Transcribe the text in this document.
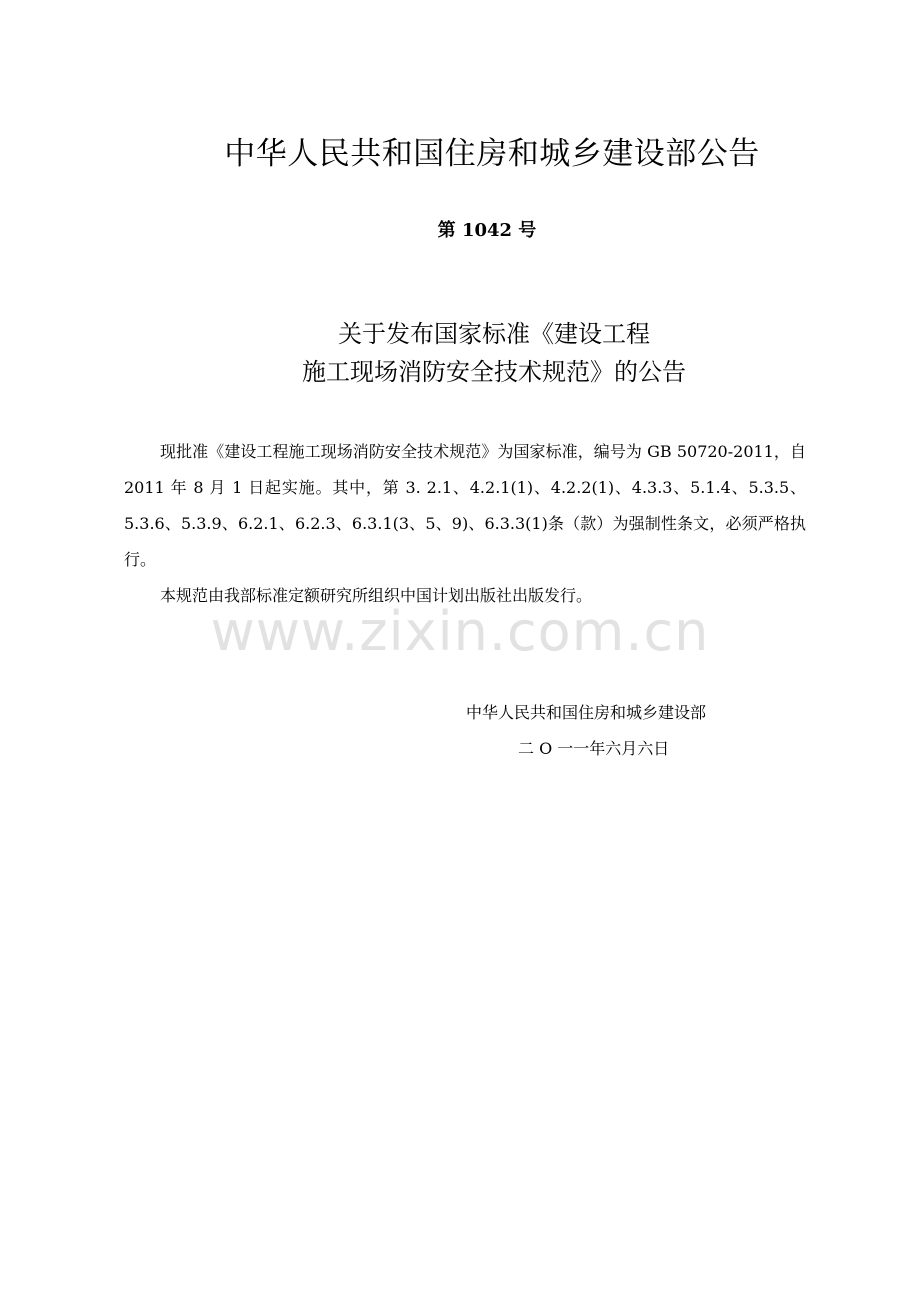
中华人民共和国住房和城乡建设部公告
第 1042 号
关于发布国家标准《建设工程
施工现场消防安全技术规范》的公告

现批准《建设工程施工现场消防安全技术规范》为国家标准，编号为 GB 50720-2011，自 2011 年 8 月 1 日起实施。其中，第 3. 2.1、4.2.1(1)、4.2.2(1)、4.3.3、5.1.4、5.3.5、5.3.6、5.3.9、6.2.1、6.2.3、6.3.1(3、5、9)、6.3.3(1)条（款）为强制性条文，必须严格执行。

本规范由我部标准定额研究所组织中国计划出版社出版发行。

www.zixin.com.cn
中华人民共和国住房和城乡建设部
二 O 一一年六月六日
